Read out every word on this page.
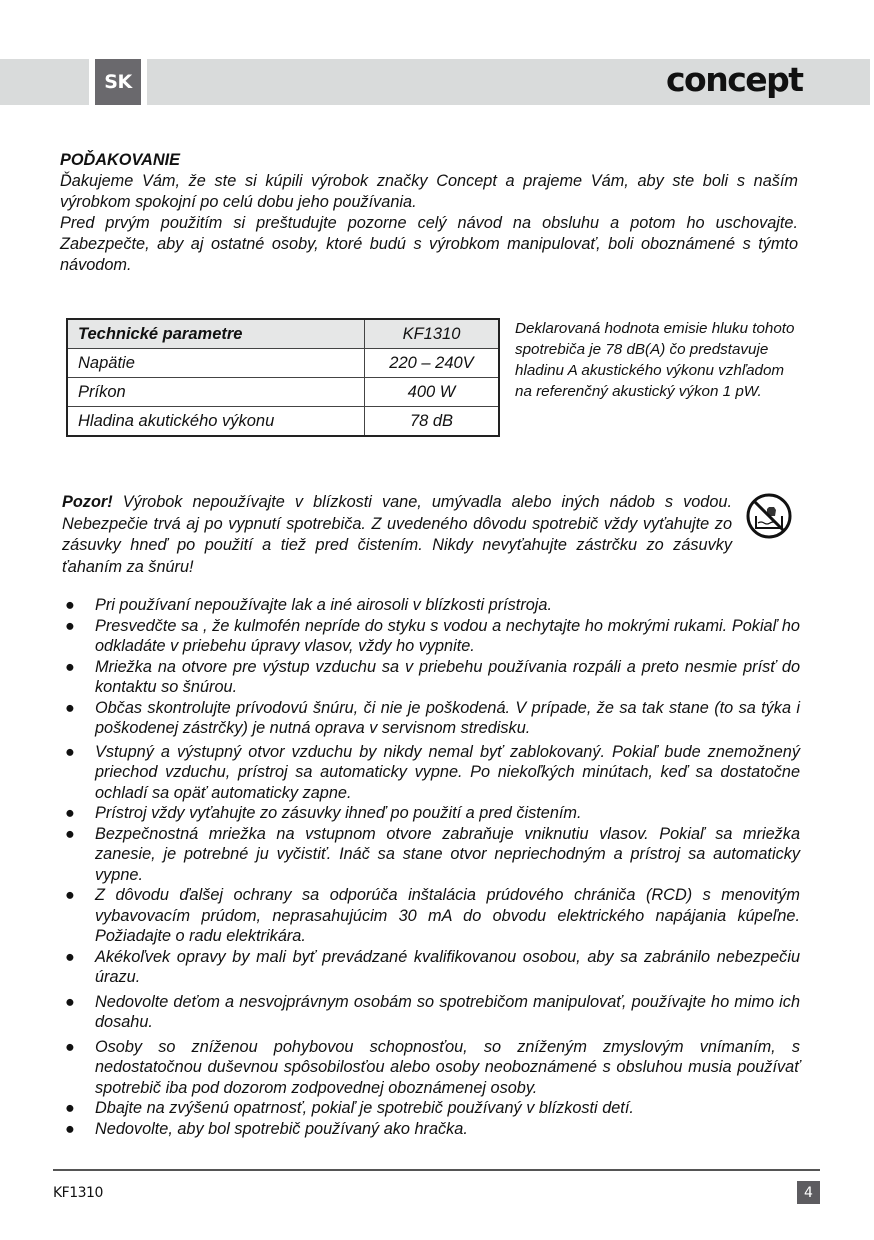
SK	concept
POĎAKOVANIE

Ďakujeme Vám, že ste si kúpili výrobok značky Concept a prajeme Vám, aby ste boli s naším výrobkom spokojní po celú dobu jeho používania.

Pred prvým použitím si preštudujte pozorne celý návod na obsluhu a potom ho uschovajte. Zabezpečte, aby aj ostatné osoby, ktoré budú s výrobkom manipulovať, boli oboznámené s týmto návodom.

Technické parametre	KF1310
Napätie	220 – 240V
Príkon	400 W
Hladina akutického výkonu	78 dB
Deklarovaná hodnota emisie hluku tohoto spotrebiča je 78 dB(A) čo predstavuje hladinu A akustického výkonu vzhľadom na referenčný akustický výkon 1 pW.
Pozor! Výrobok nepoužívajte v blízkosti vane, umývadla alebo iných nádob s vodou. Nebezpečie trvá aj po vypnutí spotrebiča. Z uvedeného dôvodu spotrebič vždy vyťahujte zo zásuvky hneď po použití a tiež pred čistením. Nikdy nevyťahujte zástrčku zo zásuvky ťahaním za šnúru!
● Pri používaní nepoužívajte lak a iné airosoli v blízkosti prístroja.
● Presvedčte sa , že kulmofén nepríde do styku s vodou a nechytajte ho mokrými rukami. Pokiaľ ho odkladáte v priebehu úpravy vlasov, vždy ho vypnite.
● Mriežka na otvore pre výstup vzduchu sa v priebehu používania rozpáli a preto nesmie prísť do kontaktu so šnúrou.
● Občas skontrolujte prívodovú šnúru, či nie je poškodená. V prípade, že sa tak stane (to sa týka i poškodenej zástrčky) je nutná oprava v servisnom stredisku.
● Vstupný a výstupný otvor vzduchu by nikdy nemal byť zablokovaný. Pokiaľ bude znemožnený priechod vzduchu, prístroj sa automaticky vypne. Po niekoľkých minútach, keď sa dostatočne ochladí sa opäť automaticky zapne.
● Prístroj vždy vyťahujte zo zásuvky ihneď po použití a pred čistením.
● Bezpečnostná mriežka na vstupnom otvore zabraňuje vniknutiu vlasov. Pokiaľ sa mriežka zanesie, je potrebné ju vyčistiť. Ináč sa stane otvor nepriechodným a prístroj sa automaticky vypne.
● Z dôvodu ďalšej ochrany sa odporúča inštalácia prúdového chrániča (RCD) s menovitým vybavovacím prúdom, neprasahujúcim 30 mA do obvodu elektrického napájania kúpeľne. Požiadajte o radu elektrikára.
● Akékoľvek opravy by mali byť prevádzané kvalifikovanou osobou, aby sa zabránilo nebezpečiu úrazu.
● Nedovolte deťom a nesvojprávnym osobám so spotrebičom manipulovať, používajte ho mimo ich dosahu.
● Osoby so zníženou pohybovou schopnosťou, so zníženým zmyslovým vnímaním, s nedostatočnou duševnou spôsobilosťou alebo osoby neoboznámené s obsluhou musia používať spotrebič iba pod dozorom zodpovednej oboznámenej osoby.
● Dbajte na zvýšenú opatrnosť, pokiaľ je spotrebič používaný v blízkosti detí.
● Nedovolte, aby bol spotrebič používaný ako hračka.
KF1310	4
